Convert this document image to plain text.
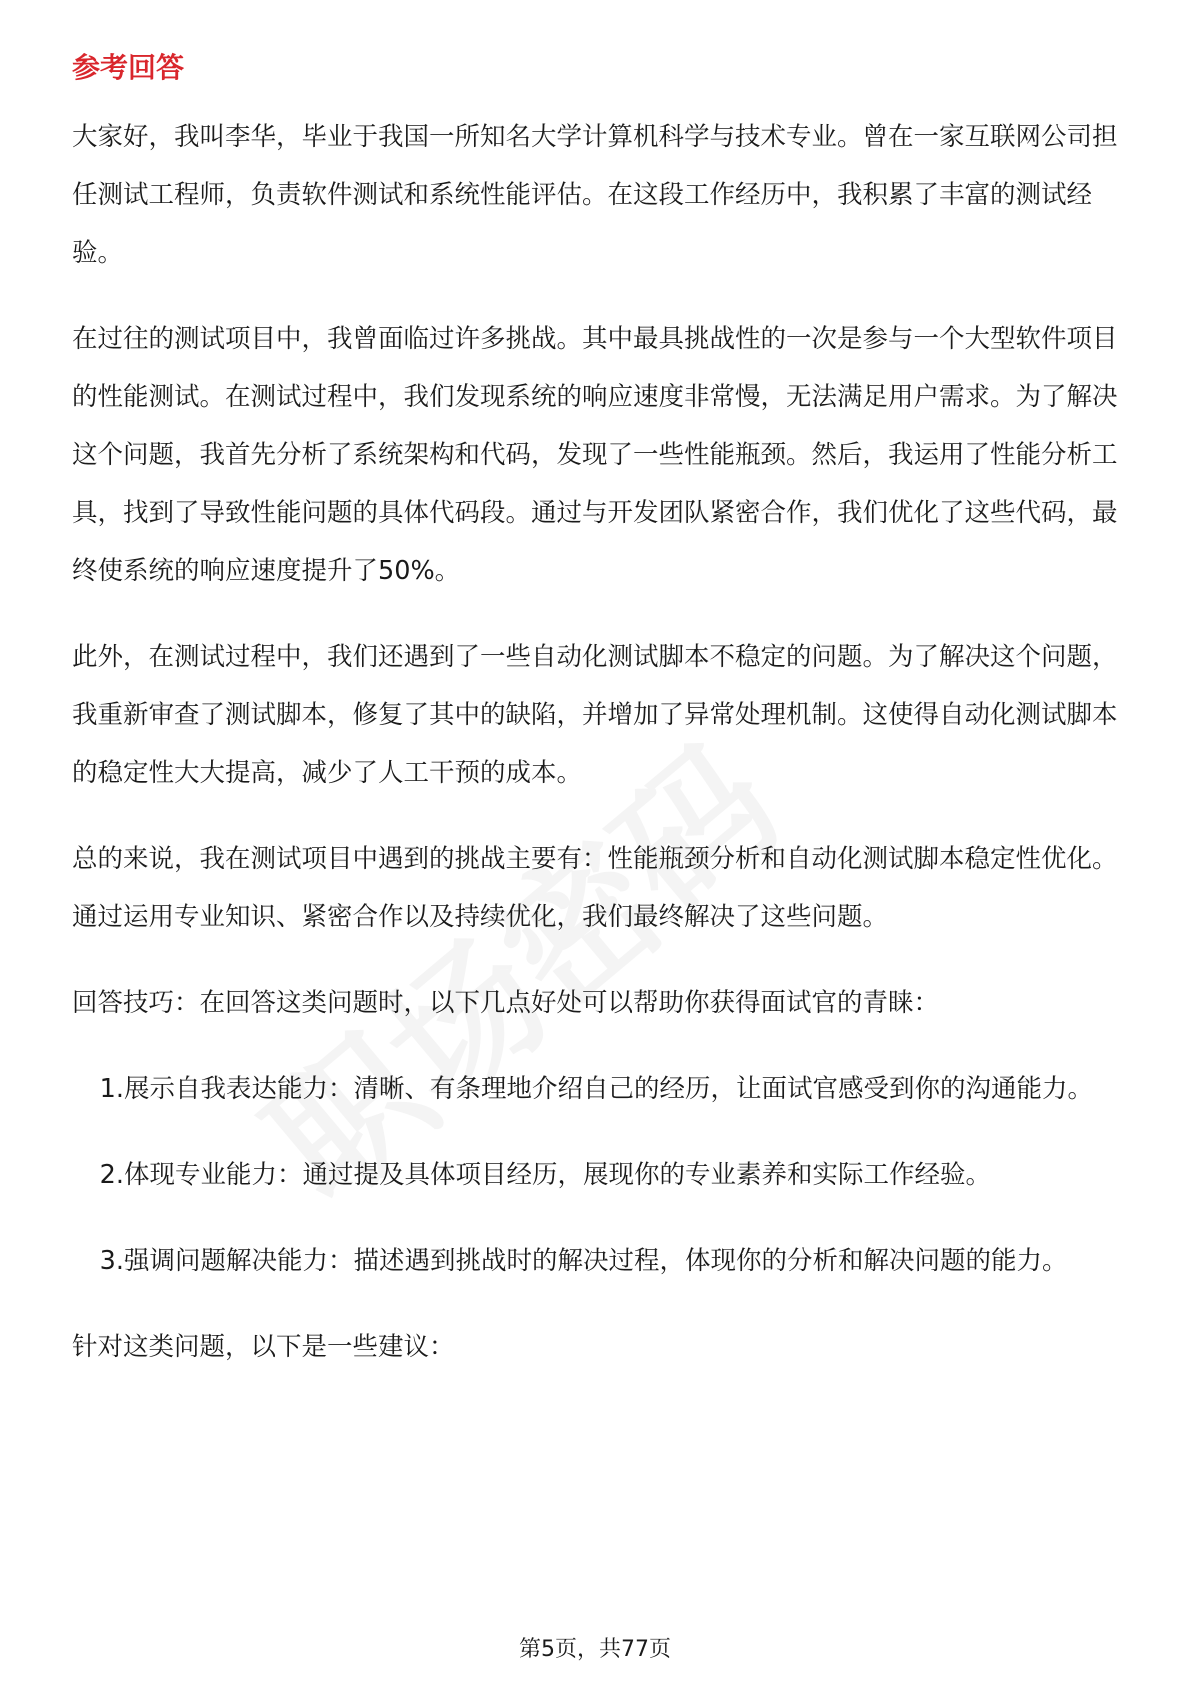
参考回答

大家好，我叫李华，毕业于我国一所知名大学计算机科学与技术专业。曾在一家互联网公司担任测试工程师，负责软件测试和系统性能评估。在这段工作经历中，我积累了丰富的测试经验。

在过往的测试项目中，我曾面临过许多挑战。其中最具挑战性的一次是参与一个大型软件项目的性能测试。在测试过程中，我们发现系统的响应速度非常慢，无法满足用户需求。为了解决这个问题，我首先分析了系统架构和代码，发现了一些性能瓶颈。然后，我运用了性能分析工具，找到了导致性能问题的具体代码段。通过与开发团队紧密合作，我们优化了这些代码，最终使系统的响应速度提升了50%。

此外，在测试过程中，我们还遇到了一些自动化测试脚本不稳定的问题。为了解决这个问题，我重新审查了测试脚本，修复了其中的缺陷，并增加了异常处理机制。这使得自动化测试脚本的稳定性大大提高，减少了人工干预的成本。

总的来说，我在测试项目中遇到的挑战主要有：性能瓶颈分析和自动化测试脚本稳定性优化。通过运用专业知识、紧密合作以及持续优化，我们最终解决了这些问题。

回答技巧：在回答这类问题时，以下几点好处可以帮助你获得面试官的青睐：

1. 展示自我表达能力：清晰、有条理地介绍自己的经历，让面试官感受到你的沟通能力。
2. 体现专业能力：通过提及具体项目经历，展现你的专业素养和实际工作经验。
3. 强调问题解决能力：描述遇到挑战时的解决过程，体现你的分析和解决问题的能力。

针对这类问题，以下是一些建议：

第5页，共77页
